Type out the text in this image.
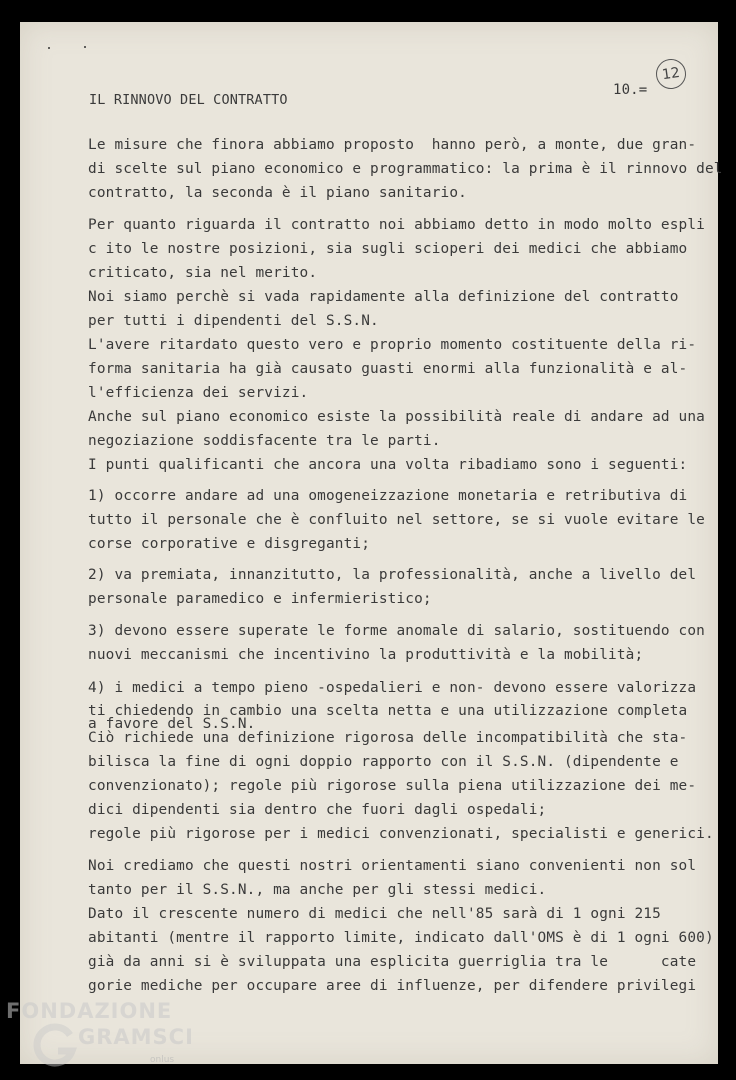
IL RINNOVO DEL CONTRATTO
10.=
12
Le misure che finora abbiamo proposto  hanno però, a monte, due gran-
di scelte sul piano economico e programmatico: la prima è il rinnovo del
contratto, la seconda è il piano sanitario.
Per quanto riguarda il contratto noi abbiamo detto in modo molto espli
c ito le nostre posizioni, sia sugli scioperi dei medici che abbiamo
criticato, sia nel merito.
Noi siamo perchè si vada rapidamente alla definizione del contratto
per tutti i dipendenti del S.S.N.
L'avere ritardato questo vero e proprio momento costituente della ri-
forma sanitaria ha già causato guasti enormi alla funzionalità e al-
l'efficienza dei servizi.
Anche sul piano economico esiste la possibilità reale di andare ad una
negoziazione soddisfacente tra le parti.
I punti qualificanti che ancora una volta ribadiamo sono i seguenti:
1) occorre andare ad una omogeneizzazione monetaria e retributiva di
tutto il personale che è confluito nel settore, se si vuole evitare le
corse corporative e disgreganti;
2) va premiata, innanzitutto, la professionalità, anche a livello del
personale paramedico e infermieristico;
3) devono essere superate le forme anomale di salario, sostituendo con
nuovi meccanismi che incentivino la produttività e la mobilità;
4) i medici a tempo pieno -ospedalieri e non- devono essere valorizza
ti chiedendo in cambio una scelta netta e una utilizzazione completa
a favore del S.S.N.
Ciò richiede una definizione rigorosa delle incompatibilità che sta-
bilisca la fine di ogni doppio rapporto con il S.S.N. (dipendente e
convenzionato); regole più rigorose sulla piena utilizzazione dei me-
dici dipendenti sia dentro che fuori dagli ospedali;
regole più rigorose per i medici convenzionati, specialisti e generici.
Noi crediamo che questi nostri orientamenti siano convenienti non sol
tanto per il S.S.N., ma anche per gli stessi medici.
Dato il crescente numero di medici che nell'85 sarà di 1 ogni 215
abitanti (mentre il rapporto limite, indicato dall'OMS è di 1 ogni 600)
già da anni si è sviluppata una esplicita guerriglia tra le      cate
gorie mediche per occupare aree di influenze, per difendere privilegi
FONDAZIONE
GRAMSCI
onlus
